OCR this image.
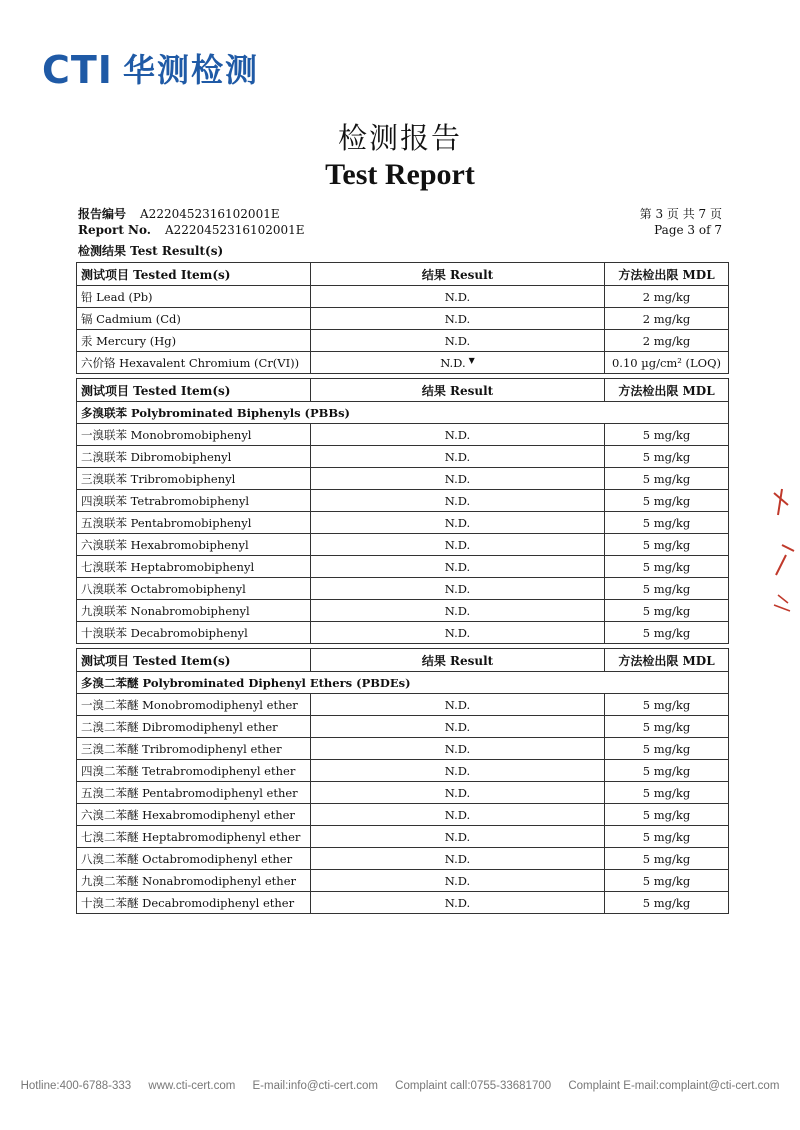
CTI 华测检测
检测报告
Test Report
报告编号 A2220452316102001E
Report No. A2220452316102001E
第 3 页 共 7 页
Page 3 of 7
检测结果 Test Result(s)
测试项目 Tested Item(s)	结果 Result	方法检出限 MDL
铅 Lead (Pb)	N.D.	2 mg/kg
镉 Cadmium (Cd)	N.D.	2 mg/kg
汞 Mercury (Hg)	N.D.	2 mg/kg
六价铬 Hexavalent Chromium (Cr(VI))	N.D. ▼	0.10 µg/cm² (LOQ)

测试项目 Tested Item(s)	结果 Result	方法检出限 MDL
多溴联苯 Polybrominated Biphenyls (PBBs)		
一溴联苯 Monobromobiphenyl	N.D.	5 mg/kg
二溴联苯 Dibromobiphenyl	N.D.	5 mg/kg
三溴联苯 Tribromobiphenyl	N.D.	5 mg/kg
四溴联苯 Tetrabromobiphenyl	N.D.	5 mg/kg
五溴联苯 Pentabromobiphenyl	N.D.	5 mg/kg
六溴联苯 Hexabromobiphenyl	N.D.	5 mg/kg
七溴联苯 Heptabromobiphenyl	N.D.	5 mg/kg
八溴联苯 Octabromobiphenyl	N.D.	5 mg/kg
九溴联苯 Nonabromobiphenyl	N.D.	5 mg/kg
十溴联苯 Decabromobiphenyl	N.D.	5 mg/kg

测试项目 Tested Item(s)	结果 Result	方法检出限 MDL
多溴二苯醚 Polybrominated Diphenyl Ethers (PBDEs)		
一溴二苯醚 Monobromodiphenyl ether	N.D.	5 mg/kg
二溴二苯醚 Dibromodiphenyl ether	N.D.	5 mg/kg
三溴二苯醚 Tribromodiphenyl ether	N.D.	5 mg/kg
四溴二苯醚 Tetrabromodiphenyl ether	N.D.	5 mg/kg
五溴二苯醚 Pentabromodiphenyl ether	N.D.	5 mg/kg
六溴二苯醚 Hexabromodiphenyl ether	N.D.	5 mg/kg
七溴二苯醚 Heptabromodiphenyl ether	N.D.	5 mg/kg
八溴二苯醚 Octabromodiphenyl ether	N.D.	5 mg/kg
九溴二苯醚 Nonabromodiphenyl ether	N.D.	5 mg/kg
十溴二苯醚 Decabromodiphenyl ether	N.D.	5 mg/kg
Hotline:400-6788-333 www.cti-cert.com E-mail:info@cti-cert.com Complaint call:0755-33681700 Complaint E-mail:complaint@cti-cert.com
